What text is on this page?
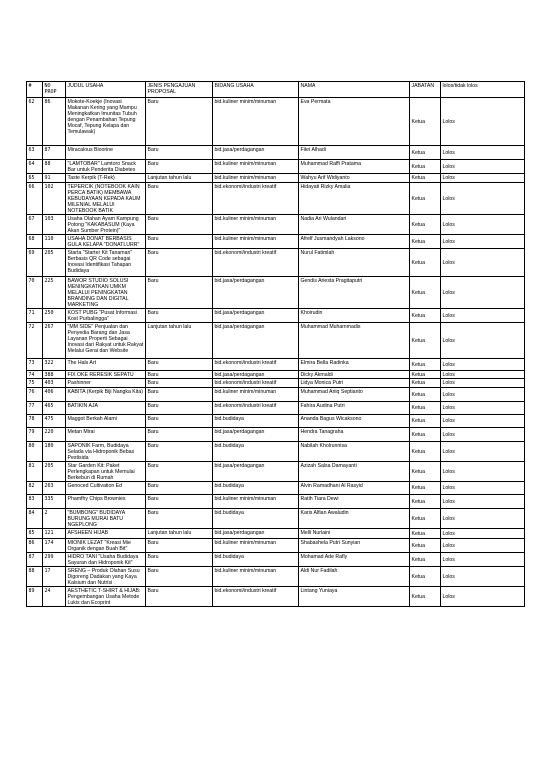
#	NO PROP	JUDUL USAHA	JENIS PENGAJUAN PROPOSAL	BIDANG USAHA	NAMA	JABATAN	lolos/tidak lolos
62	86	Mokote-Koekje (Inovasi Makanan Kering yang Mampu Meningkatkan Imunitas Tubuh dengan Penambahan Tepung Mocaf, Tepung Kelapa dan Temulawak)	Baru	bid.kuliner minim/minuman	Eva Permata	Ketua	Lolos
63	87	Miracalous Bioorine	Baru	bid.jasa/perdagangan	Fikri Alhadi	Ketua	Lolos
64	88	"LAMTOBAR" Lamtoro Snack Bar untuk Penderita Diabetes	Baru	bid.kuliner minim/minuman	Muhammad Raffi Pratama	Ketua	Lolos
65	91	Taste Kerpik (T-Rek)	Lanjutan tahun lalu	bid.kuliner minim/minuman	Wahyu Arif Widiyanto	Ketua	Lolos
66	102	TEPERCIK (NOTEBOOK KAIN PERCA BATIK) MEMBAWA KEBUDAYAAN KEPADA KAUM MILENIAL MELALUI NOTEBOOK BATIK	Baru	bid.ekonomi/industri kreatif	Hidayati Rizky Amalia	Ketua	Lolos
67	103	Usaha Olahan Ayam Kampung Potong "KAKABASUM (Kaya Akan Sumber Protein)"	Baru	bid.kuliner minim/minuman	Nadia Ari Wulandari	Ketua	Lolos
68	110	USAHA DONAT BERBASIS GULA KELAPA "DONATLURR"	Baru	bid.kuliner minim/minuman	Afrelf Jusmandyah Laksono	Ketua	Lolos
69	205	Starta "Starter Kit Tanaman" Berbasis QR Code sebagai Inovasi Identifikasi Tahapan Budidaya	Baru	bid.ekonomi/industri kreatif	Nurul Fatimlah	Ketua	Lolos
70	225	BAWOR STUDIO SOLUSI MENINGKATKAN UMKM MELALUI PENINGKATAN BRANDING DAN DIGITAL MARKETING	Baru	bid.jasa/perdagangan	Gendis Ariesta Pragitaputri	Ketua	Lolos
71	250	KOST PUBG "Pusat Informasi Kost Purbalingga"	Baru	bid.jasa/perdagangan	Khoirudin	Ketua	Lolos
72	267	"MM SIDE" Penjualan dan Penyedia Barang dan Jasa Layanan Properti Sebagai Inovasi dari Rakyat untuk Rakyat Melalui Gerai dan Website	Lanjutan tahun lalu	bid.jasa/perdagangan	Muhammad Muhammadis	Ketua	Lolos
73	322	The Hals Art	Baru	bid.ekonomi/industri kreatif	Elmira Bella Radinka	Ketua	Lolos
74	388	FIX OKE RERESIK SEPATU	Baru	bid.jasa/perdagangan	Dicky Akmaldi	Ketua	Lolos
75	403	Pashinner	Baru	bid.ekonomi/industri kreatif	Lidya Monica Putri	Ketua	Lolos
76	406	KABITA (Kerpik Biji Nangka Kita)	Baru	bid.kuliner minim/minuman	Muhammad Ariiq Septianto	Ketua	Lolos
77	465	BATIKIN AJA	Baru	bid.ekonomi/industri kreatif	Fahira Audina Putri	Ketua	Lolos
78	475	Maggot Berkah Alami	Baru	bid.budidaya	Ananda Bagus Wicaksono	Ketua	Lolos
79	220	Metan Mirai	Baru	bid.jasa/perdagangan	Hendra Tanagraha	Ketua	Lolos
80	180	SAPONIK Farm, Budidaya Selada via Hidroponik Bebas Pestisida	Baru	bid.budidaya	Nabilah Kholrunnisa	Ketua	Lolos
81	205	Star Garden Kit: Paket Perlengkapan untuk Memulai Berkebun di Rumah	Baru	bid.jasa/perdagangan	Azizah Salsa Damayanti	Ketua	Lolos
82	263	Genoced Cultivation Ed	Baru	bid.budidaya	Alvin Ramadhani Al Rasyid	Ketua	Lolos
83	335	Phamfhy Chips Brownies	Baru	bid.kuliner minim/minuman	Ratih Tiara Dewi	Ketua	Lolos
84	2	"BUMBONG" BUDIDAYA BURUNG MURAI BATU NGEPLONG	Baru	bid.budidaya	Karis Alfian Awaludin	Ketua	Lolos
85	121	AFSHEEN HIJAB	Lanjutan tahun lalu	bid.jasa/perdagangan	Melli Nurlaini	Ketua	Lolos
86	174	MIONIK LEZAT "Kreasi Mie Organik dengan Buah Bit"	Baru	bid.kuliner minim/minuman	Shabashela Putri Sunyian	Ketua	Lolos
87	299	HIDRO TANI "Usaha Budidaya Sayuran dan Hidroponik Kit"	Baru	bid.budidaya	Mohamad Ade Rafly	Ketua	Lolos
88	17	SRENG – Produk Olahan Susu Digoreng Dadakan yang Kaya Kalsium dan Nutrisi	Baru	bid.kuliner minim/minuman	Aldi Nur Fadilah	Ketua	Lolos
89	24	AESTHETIC T-SHIRT & HIJAB: Pengembangan Usaha Metode Lukis dan Ecoprint	Baru	bid.ekonomi/industri kreatif	Lintang Yuniaya	Ketua	Lolos
